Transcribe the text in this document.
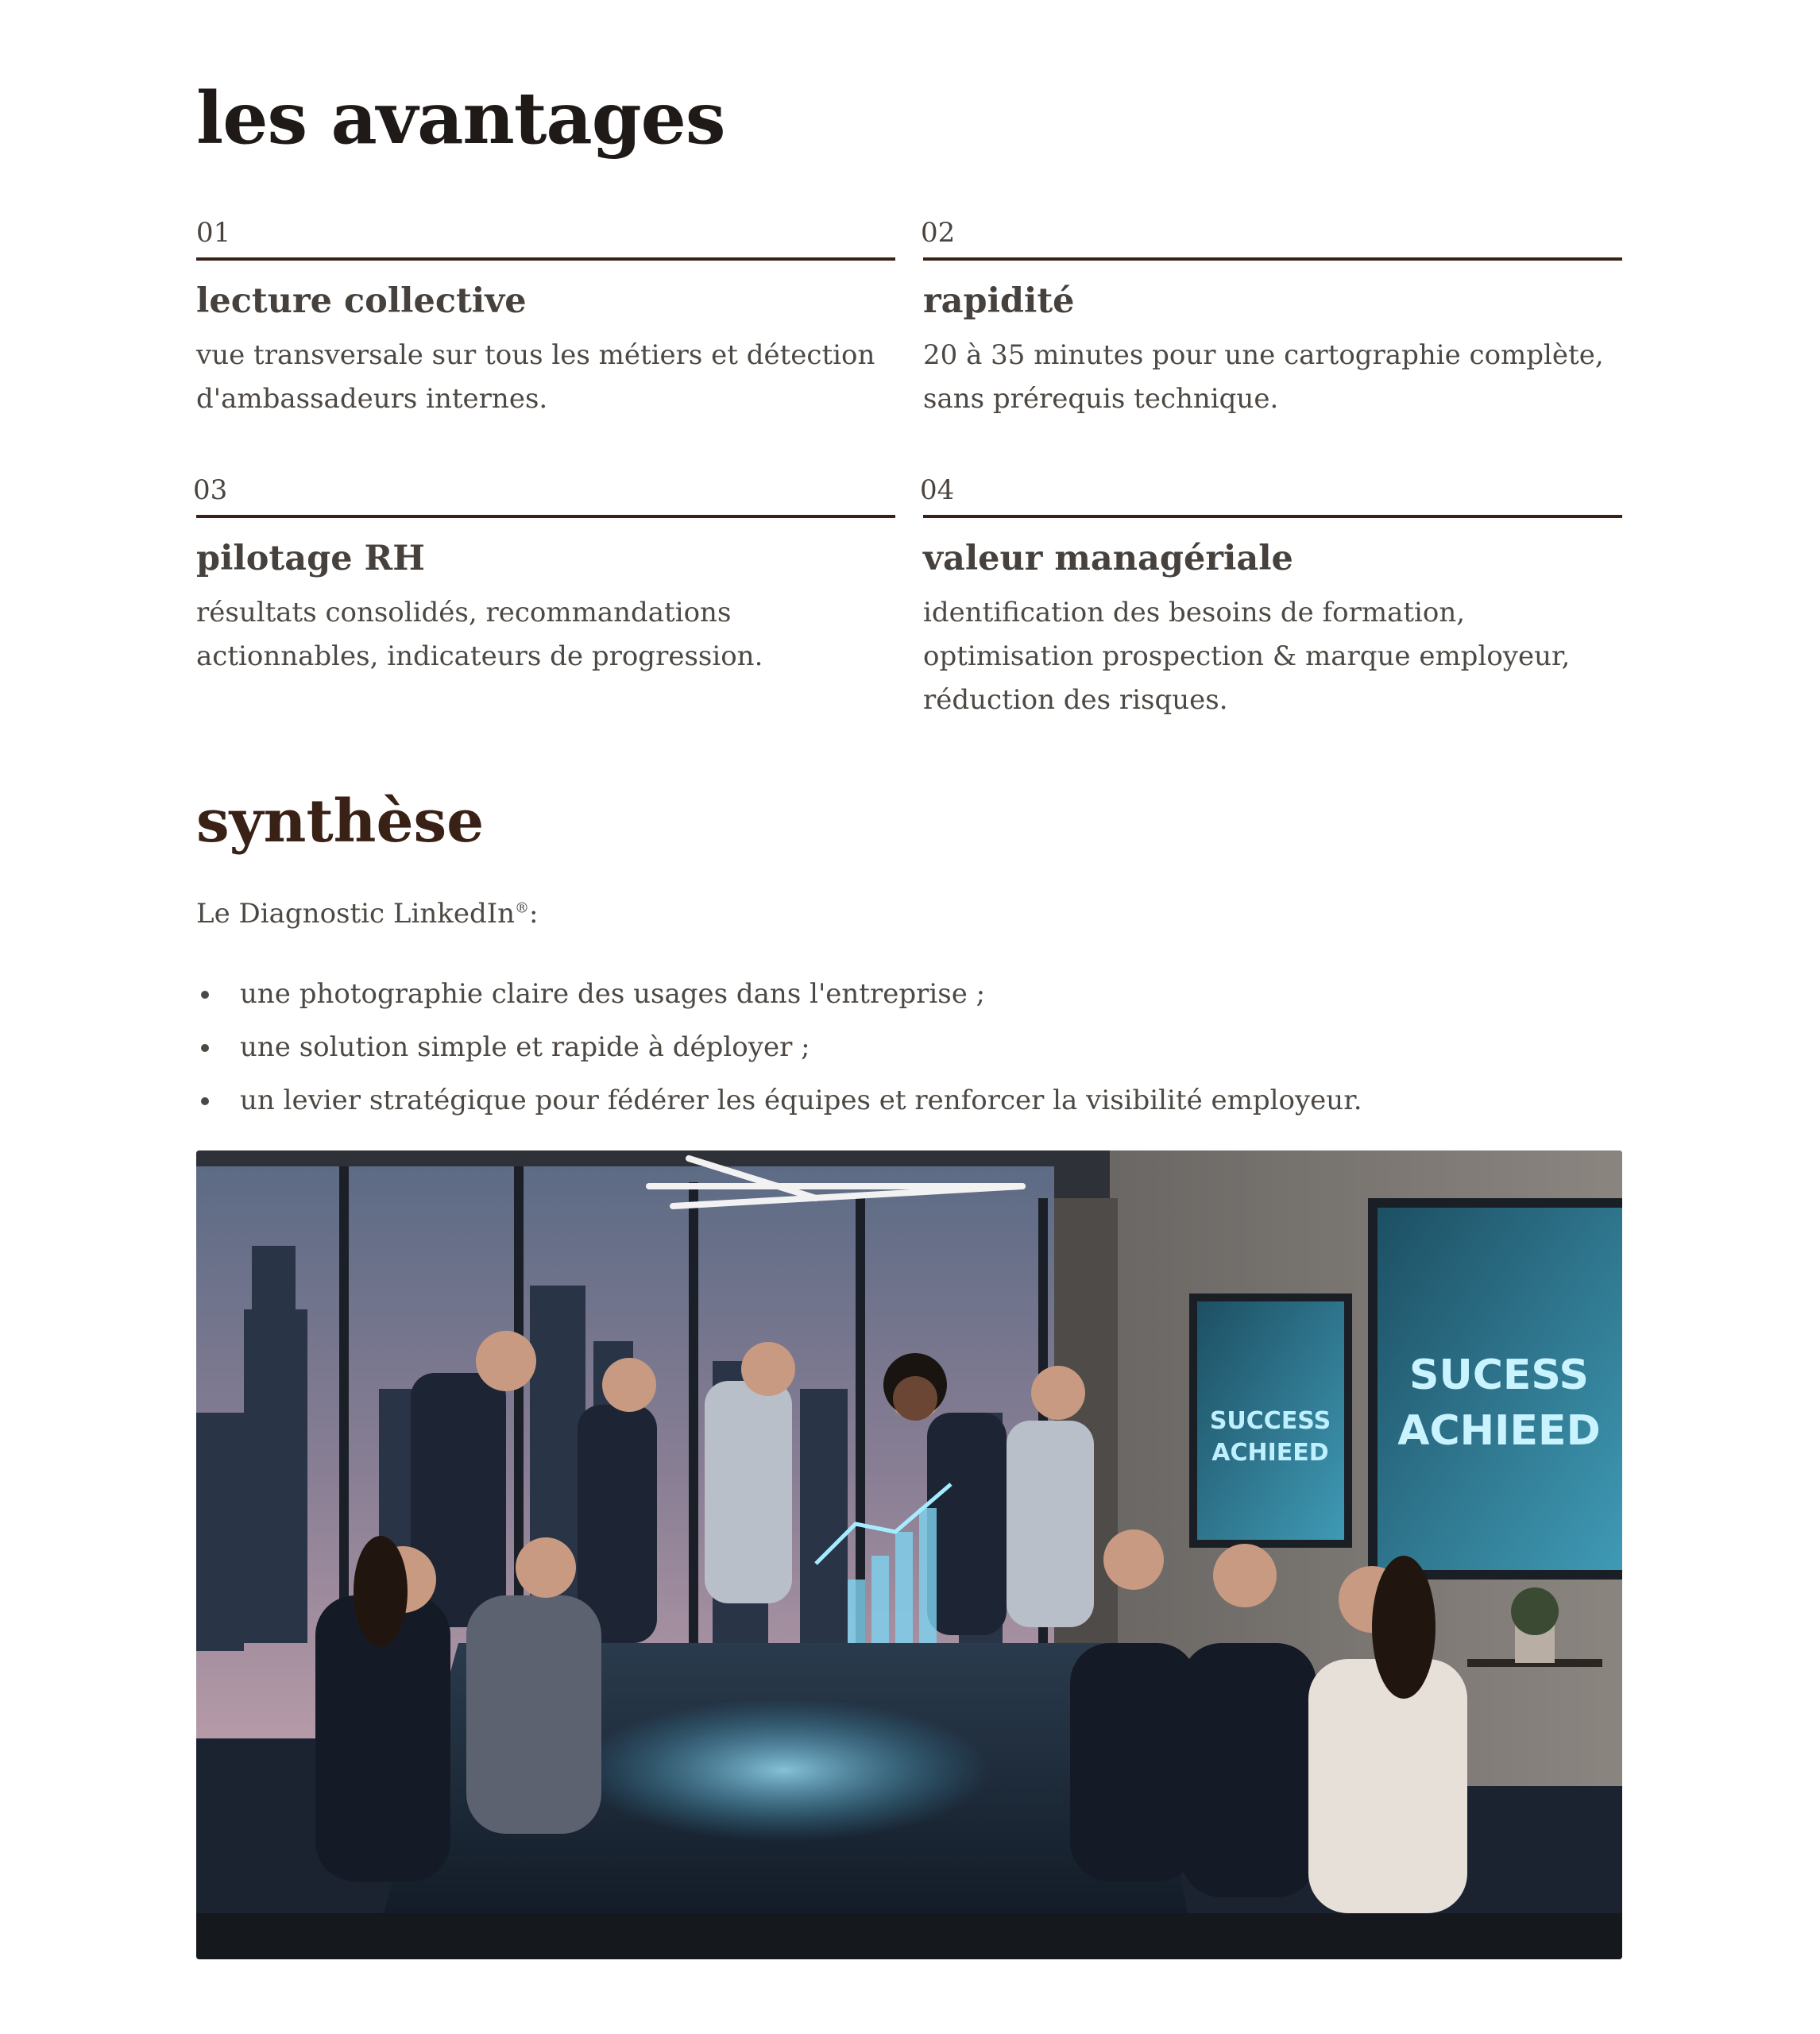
les avantages
01
lecture collective
vue transversale sur tous les métiers et détection d'ambassadeurs internes.
02
rapidité
20 à 35 minutes pour une cartographie complète, sans prérequis technique.
03
pilotage RH
résultats consolidés, recommandations actionnables, indicateurs de progression.
04
valeur managériale
identification des besoins de formation, optimisation prospection & marque employeur, réduction des risques.
synthèse
Le Diagnostic LinkedIn®:
une photographie claire des usages dans l'entreprise ;
une solution simple et rapide à déployer ;
un levier stratégique pour fédérer les équipes et renforcer la visibilité employeur.
SUCCESS
ACHIEED
SUCESS
ACHIEED
